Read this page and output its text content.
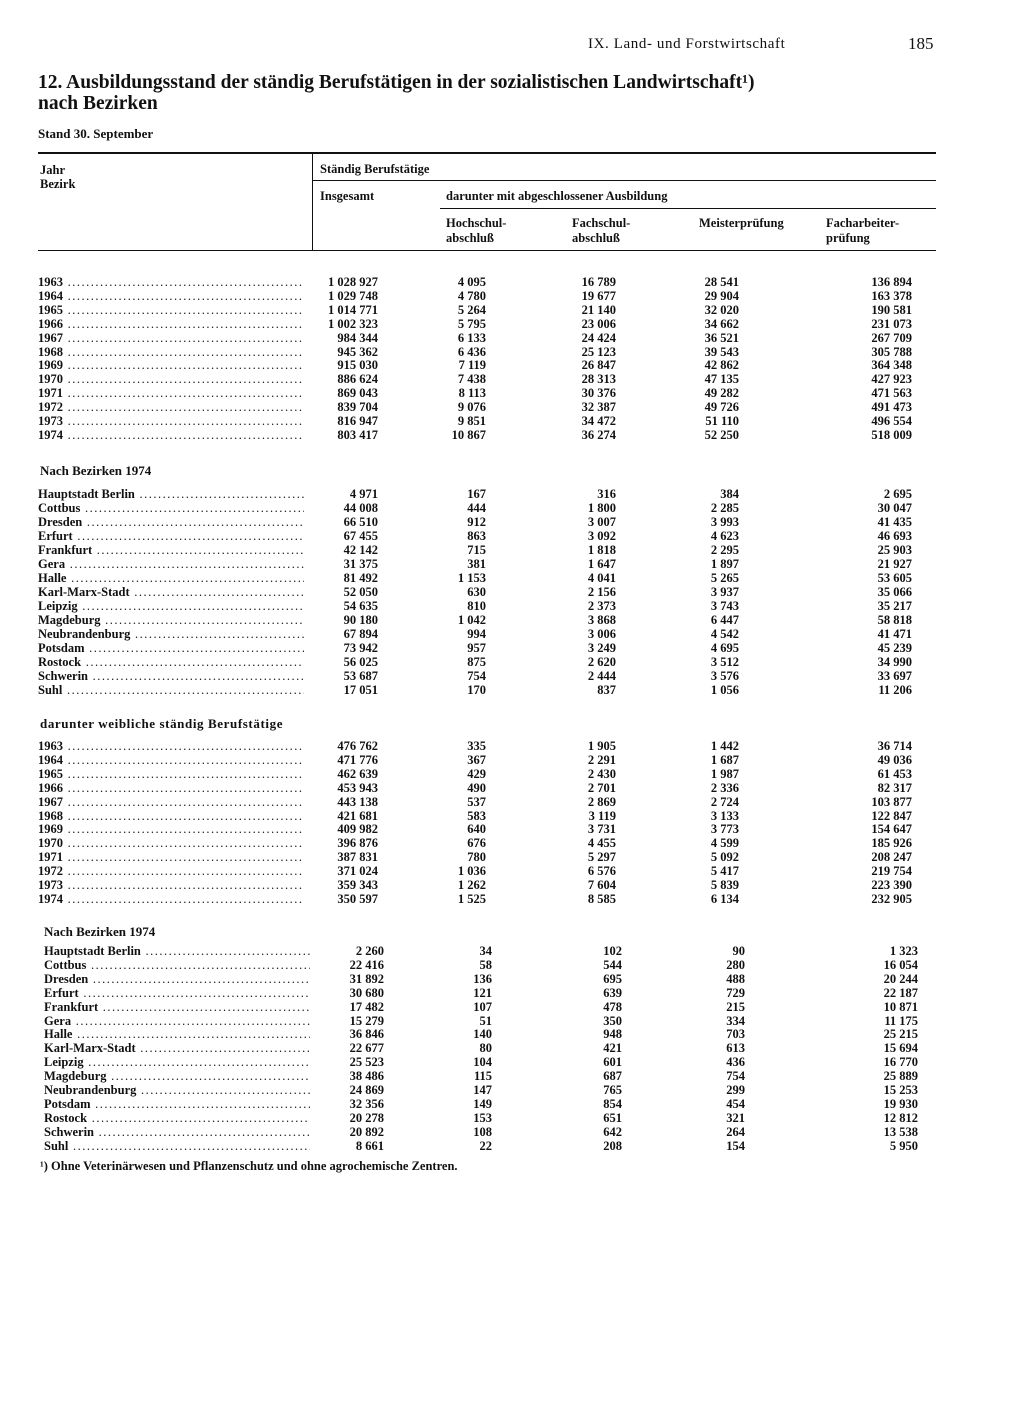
IX. Land- und Forstwirtschaft	185
12. Ausbildungsstand der ständig Berufstätigen in der sozialistischen Landwirtschaft¹)
nach Bezirken
Stand 30. September
Jahr
Bezirk
Ständig Berufstätige
Insgesamt	darunter mit abgeschlossener Ausbildung
Hochschul-
abschluß
Fachschul-
abschluß
Meisterprüfung	Facharbeiter-
prüfung
Nach Bezirken 1974
darunter weibliche ständig Berufstätige
Nach Bezirken 1974
1963 .....	1 028 927	4 095	16 789	28 541	136 894
1964 .....	1 029 748	4 780	19 677	29 904	163 378
1965 .....	1 014 771	5 264	21 140	32 020	190 581
1966 .....	1 002 323	5 795	23 006	34 662	231 073
1967 .....	984 344	6 133	24 424	36 521	267 709
1968 .....	945 362	6 436	25 123	39 543	305 788
1969 .....	915 030	7 119	26 847	42 862	364 348
1970 .....	886 624	7 438	28 313	47 135	427 923
1971 .....	869 043	8 113	30 376	49 282	471 563
1972 .....	839 704	9 076	32 387	49 726	491 473
1973 .....	816 947	9 851	34 472	51 110	496 554
1974 .....	803 417	10 867	36 274	52 250	518 009
Hauptstadt Berlin .....	4 971	167	316	384	2 695
Cottbus .....	44 008	444	1 800	2 285	30 047
Dresden .....	66 510	912	3 007	3 993	41 435
Erfurt .....	67 455	863	3 092	4 623	46 693
Frankfurt .....	42 142	715	1 818	2 295	25 903
Gera .....	31 375	381	1 647	1 897	21 927
Halle .....	81 492	1 153	4 041	5 265	53 605
Karl-Marx-Stadt .....	52 050	630	2 156	3 937	35 066
Leipzig .....	54 635	810	2 373	3 743	35 217
Magdeburg .....	90 180	1 042	3 868	6 447	58 818
Neubrandenburg .....	67 894	994	3 006	4 542	41 471
Potsdam .....	73 942	957	3 249	4 695	45 239
Rostock .....	56 025	875	2 620	3 512	34 990
Schwerin .....	53 687	754	2 444	3 576	33 697
Suhl .....	17 051	170	837	1 056	11 206
1963 .....	476 762	335	1 905	1 442	36 714
1964 .....	471 776	367	2 291	1 687	49 036
1965 .....	462 639	429	2 430	1 987	61 453
1966 .....	453 943	490	2 701	2 336	82 317
1967 .....	443 138	537	2 869	2 724	103 877
1968 .....	421 681	583	3 119	3 133	122 847
1969 .....	409 982	640	3 731	3 773	154 647
1970 .....	396 876	676	4 455	4 599	185 926
1971 .....	387 831	780	5 297	5 092	208 247
1972 .....	371 024	1 036	6 576	5 417	219 754
1973 .....	359 343	1 262	7 604	5 839	223 390
1974 .....	350 597	1 525	8 585	6 134	232 905
Hauptstadt Berlin .....	2 260	34	102	90	1 323
Cottbus .....	22 416	58	544	280	16 054
Dresden .....	31 892	136	695	488	20 244
Erfurt .....	30 680	121	639	729	22 187
Frankfurt .....	17 482	107	478	215	10 871
Gera .....	15 279	51	350	334	11 175
Halle .....	36 846	140	948	703	25 215
Karl-Marx-Stadt .....	22 677	80	421	613	15 694
Leipzig .....	25 523	104	601	436	16 770
Magdeburg .....	38 486	115	687	754	25 889
Neubrandenburg .....	24 869	147	765	299	15 253
Potsdam .....	32 356	149	854	454	19 930
Rostock .....	20 278	153	651	321	12 812
Schwerin .....	20 892	108	642	264	13 538
Suhl .....	8 661	22	208	154	5 950
¹) Ohne Veterinärwesen und Pflanzenschutz und ohne agrochemische Zentren.
